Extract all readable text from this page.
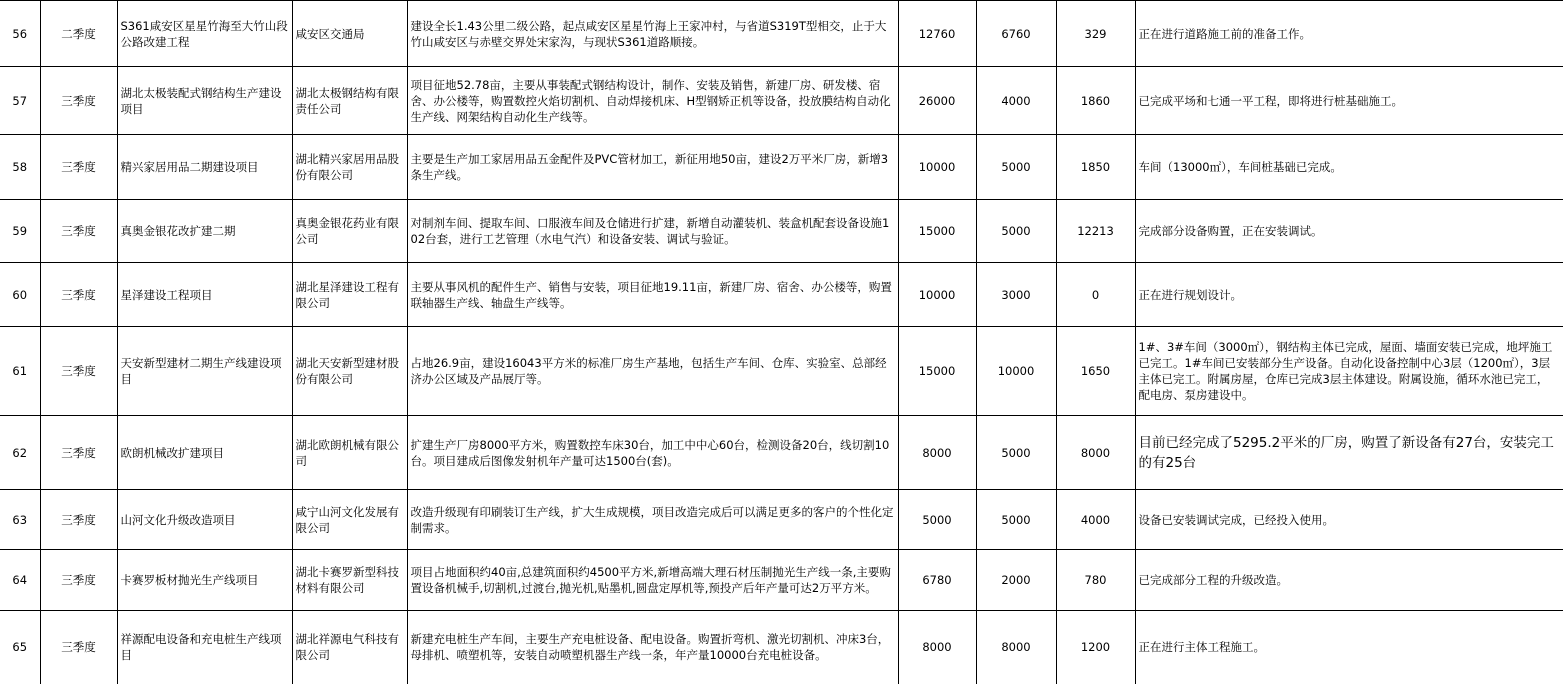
56	二季度	S361咸安区星星竹海至大竹山段公路改建工程	咸安区交通局	建设全长1.43公里二级公路，起点咸安区星星竹海上王家冲村，与省道S319T型相交，止于大竹山咸安区与赤壁交界处宋家沟，与现状S361道路顺接。	12760	6760	329	正在进行道路施工前的准备工作。
57	三季度	湖北太极装配式钢结构生产建设项目	湖北太极钢结构有限责任公司	项目征地52.78亩，主要从事装配式钢结构设计，制作、安装及销售，新建厂房、研发楼、宿舍、办公楼等，购置数控火焰切割机、自动焊接机床、H型钢矫正机等设备，投放膜结构自动化生产线、网架结构自动化生产线等。	26000	4000	1860	已完成平场和七通一平工程，即将进行桩基础施工。
58	三季度	精兴家居用品二期建设项目	湖北精兴家居用品股份有限公司	主要是生产加工家居用品五金配件及PVC管材加工，新征用地50亩，建设2万平米厂房，新增3条生产线。	10000	5000	1850	车间（13000㎡），车间桩基础已完成。
59	三季度	真奥金银花改扩建二期	真奥金银花药业有限公司	对制剂车间、提取车间、口服液车间及仓储进行扩建，新增自动灌装机、装盒机配套设备设施102台套，进行工艺管理（水电气汽）和设备安装、调试与验证。	15000	5000	12213	完成部分设备购置，正在安装调试。
60	三季度	星泽建设工程项目	湖北星泽建设工程有限公司	主要从事风机的配件生产、销售与安装，项目征地19.11亩，新建厂房、宿舍、办公楼等，购置联轴器生产线、轴盘生产线等。	10000	3000	0	正在进行规划设计。
61	三季度	天安新型建材二期生产线建设项目	湖北天安新型建材股份有限公司	占地26.9亩，建设16043平方米的标准厂房生产基地，包括生产车间、仓库、实验室、总部经济办公区域及产品展厅等。	15000	10000	1650	1#、3#车间（3000㎡），钢结构主体已完成，屋面、墙面安装已完成，地坪施工已完工。1#车间已安装部分生产设备。自动化设备控制中心3层（1200㎡），3层主体已完工。附属房屋，仓库已完成3层主体建设。附属设施，循环水池已完工，配电房、泵房建设中。
62	三季度	欧朗机械改扩建项目	湖北欧朗机械有限公司	扩建生产厂房8000平方米，购置数控车床30台，加工中中心60台，检测设备20台，线切割10台。项目建成后图像发射机年产量可达1500台(套)。	8000	5000	8000	目前已经完成了5295.2平米的厂房，购置了新设备有27台，安装完工的有25台
63	三季度	山河文化升级改造项目	咸宁山河文化发展有限公司	改造升级现有印刷装订生产线，扩大生成规模，项目改造完成后可以满足更多的客户的个性化定制需求。	5000	5000	4000	设备已安装调试完成，已经投入使用。
64	三季度	卡赛罗板材抛光生产线项目	湖北卡赛罗新型科技材料有限公司	项目占地面积约40亩,总建筑面积约4500平方米,新增高端大理石材压制抛光生产线一条,主要购置设备机械手,切割机,过渡台,抛光机,贴墨机,圆盘定厚机等,预投产后年产量可达2万平方米。	6780	2000	780	已完成部分工程的升级改造。
65	三季度	祥源配电设备和充电桩生产线项目	湖北祥源电气科技有限公司	新建充电桩生产车间，主要生产充电桩设备、配电设备。购置折弯机、激光切割机、冲床3台，母排机、喷塑机等，安装自动喷塑机器生产线一条，年产量10000台充电桩设备。	8000	8000	1200	正在进行主体工程施工。
